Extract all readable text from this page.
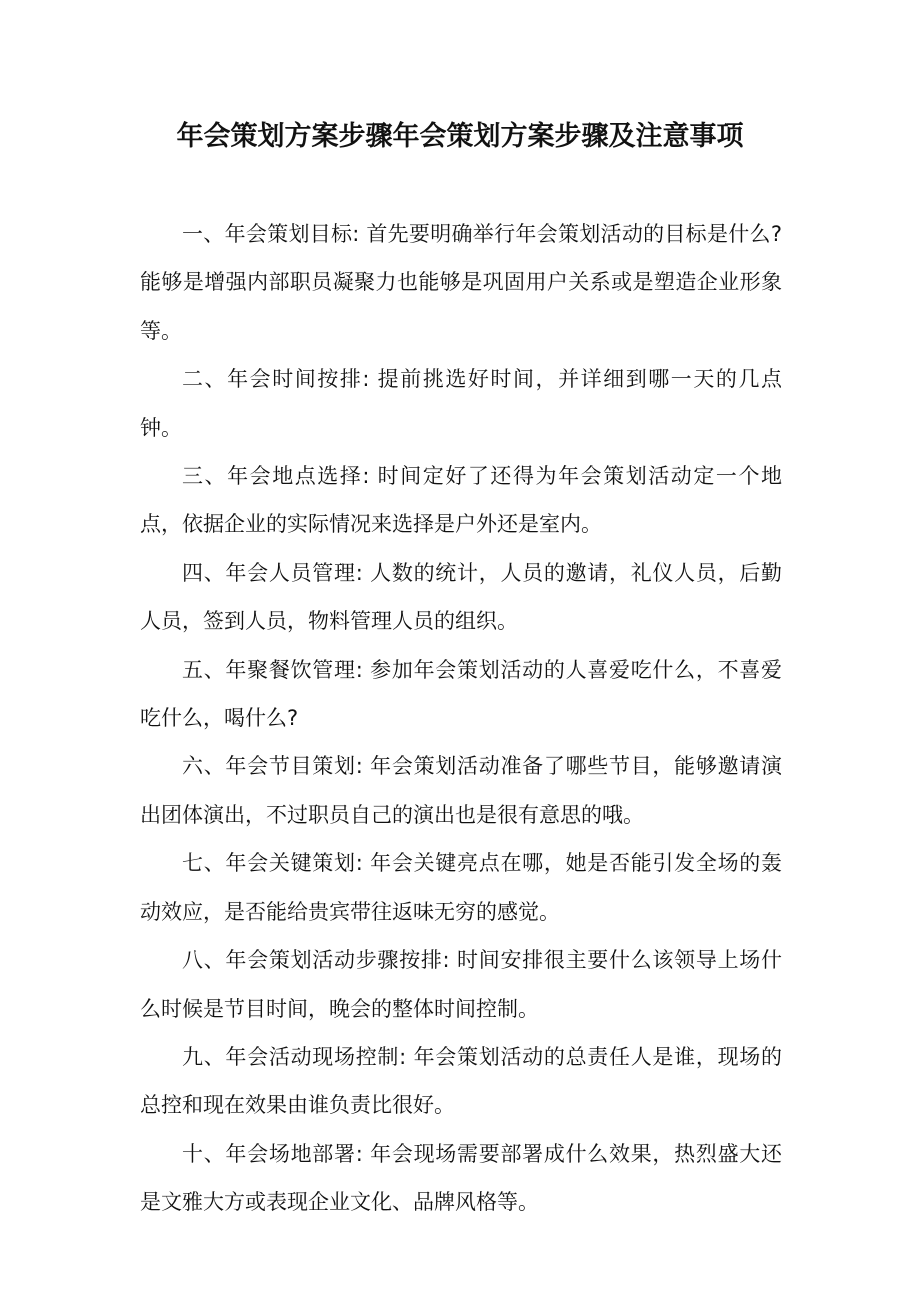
年会策划方案步骤年会策划方案步骤及注意事项

一、年会策划目标: 首先要明确举行年会策划活动的目标是什么? 能够是增强内部职员凝聚力也能够是巩固用户关系或是塑造企业形象等。

二、年会时间按排: 提前挑选好时间，并详细到哪一天的几点钟。

三、年会地点选择: 时间定好了还得为年会策划活动定一个地点，依据企业的实际情况来选择是户外还是室内。

四、年会人员管理: 人数的统计，人员的邀请，礼仪人员，后勤人员，签到人员，物料管理人员的组织。

五、年聚餐饮管理: 参加年会策划活动的人喜爱吃什么，不喜爱吃什么，喝什么?

六、年会节目策划: 年会策划活动准备了哪些节目，能够邀请演出团体演出，不过职员自己的演出也是很有意思的哦。

七、年会关键策划: 年会关键亮点在哪，她是否能引发全场的轰动效应，是否能给贵宾带往返味无穷的感觉。

八、年会策划活动步骤按排: 时间安排很主要什么该领导上场什么时候是节目时间，晚会的整体时间控制。

九、年会活动现场控制: 年会策划活动的总责任人是谁，现场的总控和现在效果由谁负责比很好。

十、年会场地部署: 年会现场需要部署成什么效果，热烈盛大还是文雅大方或表现企业文化、品牌风格等。
